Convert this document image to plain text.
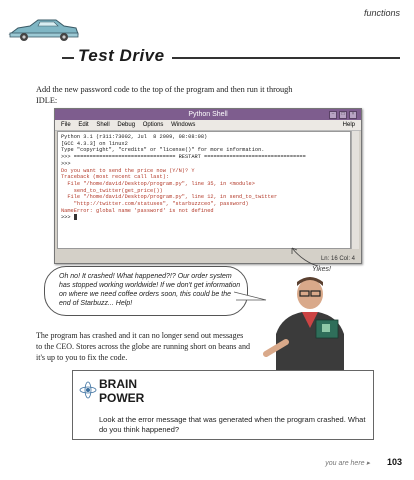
functions
Test Drive
Add the new password code to the top of the program and then run it through IDLE:
Python Shell	–	□	×
File Edit Shell Debug Options Windows	Help
Python 3.1 (r311:73002, Jul  8 2009, 08:08:08)
[GCC 4.3.3] on linux2
Type "copyright", "credits" or "license()" for more information.
>>> ================================ RESTART ================================
>>>
Do you want to send the price now (Y/N)? Y
Traceback (most recent call last):
File "/home/david/Desktop/program.py", line 35, in <module>
send_to_twitter(get_price())
File "/home/david/Desktop/program.py", line 12, in send_to_twitter
"http://twitter.com/statuses", "starbuzzceo", password)
NameError: global name 'password' is not defined
>>>
Ln: 16 Col: 4
Yikes!
Oh no! It crashed! What happened?!? Our order system has stopped working worldwide! If we don't get information on where we need coffee orders soon, this could be the end of Starbuzz... Help!
The program has crashed and it can no longer send out messages to the CEO. Stores across the globe are running short on beans and it's up to you to fix the code.
BRAIN
POWER
Look at the error message that was generated when the program crashed. What do you think happened?
you are here ▸ 103
